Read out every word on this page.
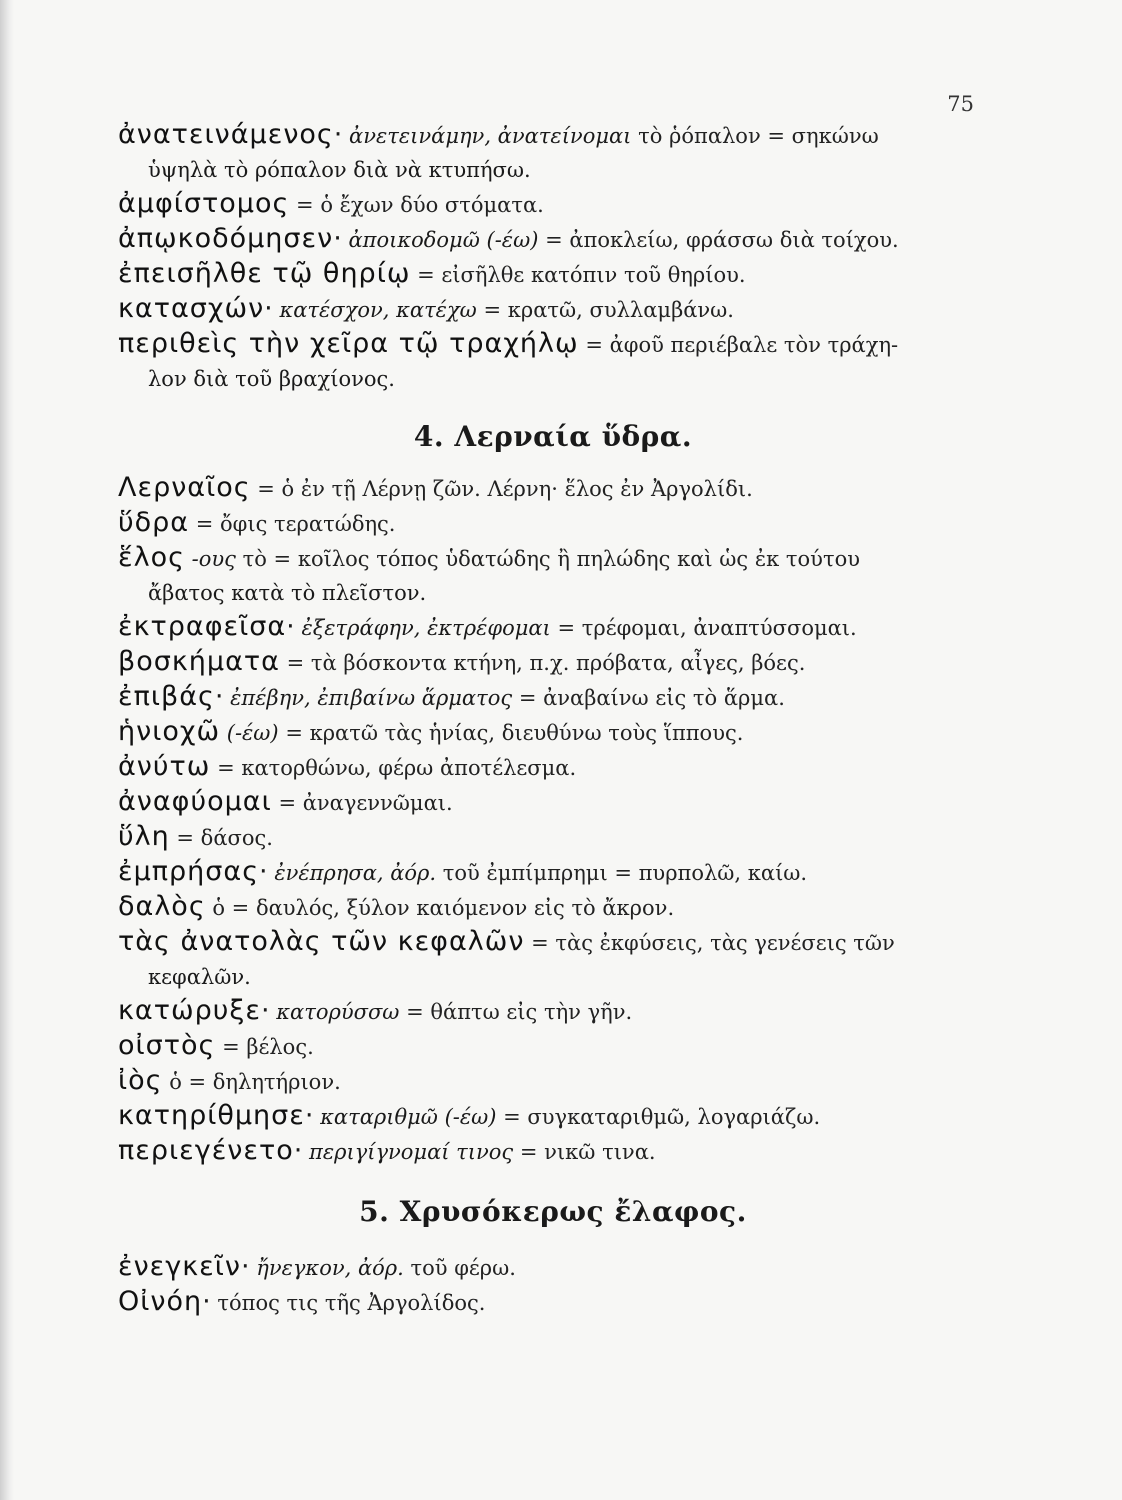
75

ἀνατεινάμενος· ἀνετεινάμην, ἀνατείνομαι τὸ ῥόπαλον = σηκώνω

ὑψηλὰ τὸ ρόπαλον διὰ νὰ κτυπήσω.

ἀμφίστομος = ὁ ἔχων δύο στόματα.

ἀπῳκοδόμησεν· ἀποικοδομῶ (-έω) = ἀποκλείω, φράσσω διὰ τοίχου.

ἐπεισῆλθε τῷ θηρίῳ = εἰσῆλθε κατόπιν τοῦ θηρίου.

κατασχών· κατέσχον, κατέχω = κρατῶ, συλλαμβάνω.

περιθεὶς τὴν χεῖρα τῷ τραχήλῳ = ἀφοῦ περιέβαλε τὸν τράχη-

λον διὰ τοῦ βραχίονος.

4. Λερναία ὕδρα.

Λερναῖος = ὁ ἐν τῇ Λέρνῃ ζῶν. Λέρνη· ἕλος ἐν Ἀργολίδι.

ὕδρα = ὄφις τερατώδης.

ἕλος -ους τὸ = κοῖλος τόπος ὑδατώδης ἢ πηλώδης καὶ ὡς ἐκ τούτου

ἄβατος κατὰ τὸ πλεῖστον.

ἐκτραφεῖσα· ἐξετράφην, ἐκτρέφομαι = τρέφομαι, ἀναπτύσσομαι.

βοσκήματα = τὰ βόσκοντα κτήνη, π.χ. πρόβατα, αἶγες, βόες.

ἐπιβάς· ἐπέβην, ἐπιβαίνω ἅρματος = ἀναβαίνω εἰς τὸ ἅρμα.

ἡνιοχῶ (-έω) = κρατῶ τὰς ἡνίας, διευθύνω τοὺς ἵππους.

ἀνύτω = κατορθώνω, φέρω ἀποτέλεσμα.

ἀναφύομαι = ἀναγεννῶμαι.

ὕλη = δάσος.

ἐμπρήσας· ἐνέπρησα, ἀόρ. τοῦ ἐμπίμπρημι = πυρπολῶ, καίω.

δαλὸς ὁ = δαυλός, ξύλον καιόμενον εἰς τὸ ἄκρον.

τὰς ἀνατολὰς τῶν κεφαλῶν = τὰς ἐκφύσεις, τὰς γενέσεις τῶν

κεφαλῶν.

κατώρυξε· κατορύσσω = θάπτω εἰς τὴν γῆν.

οἰστὸς = βέλος.

ἰὸς ὁ = δηλητήριον.

κατηρίθμησε· καταριθμῶ (-έω) = συγκαταριθμῶ, λογαριάζω.

περιεγένετο· περιγίγνομαί τινος = νικῶ τινα.

5. Χρυσόκερως ἔλαφος.

ἐνεγκεῖν· ἤνεγκον, ἀόρ. τοῦ φέρω.

Οἰνόη· τόπος τις τῆς Ἀργολίδος.
